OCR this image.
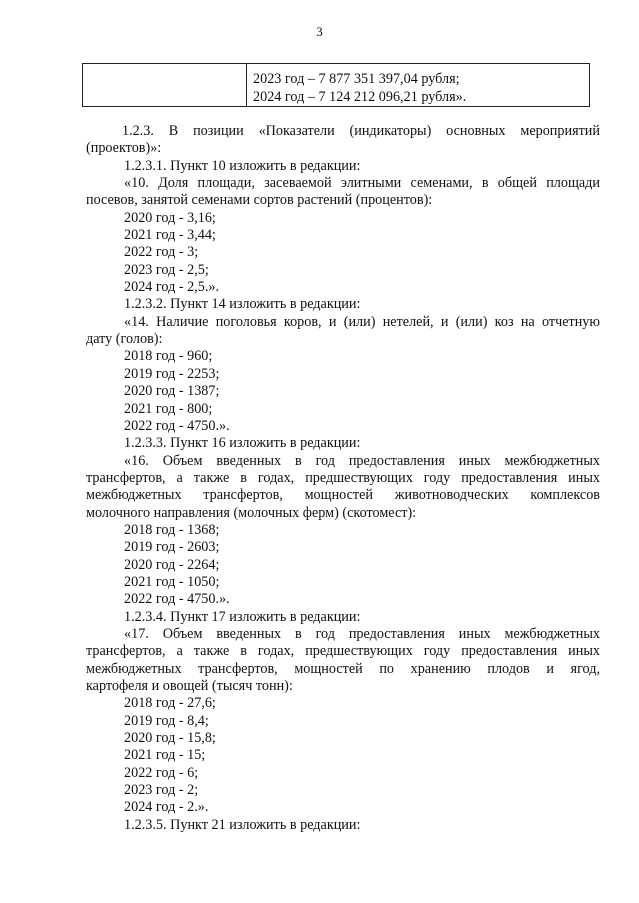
3
2023 год – 7 877 351 397,04 рубля;
2024 год – 7 124 212 096,21 рубля».
1.2.3. В позиции «Показатели (индикаторы) основных мероприятий
(проектов)»:
1.2.3.1. Пункт 10 изложить в редакции:
«10. Доля площади, засеваемой элитными семенами, в общей площади
посевов, занятой семенами сортов растений (процентов):
2020 год - 3,16;
2021 год - 3,44;
2022 год - 3;
2023 год - 2,5;
2024 год - 2,5.».
1.2.3.2. Пункт 14 изложить в редакции:
«14. Наличие поголовья коров, и (или) нетелей, и (или) коз на отчетную
дату (голов):
2018 год - 960;
2019 год - 2253;
2020 год - 1387;
2021 год - 800;
2022 год - 4750.».
1.2.3.3. Пункт 16 изложить в редакции:
«16. Объем введенных в год предоставления иных межбюджетных
трансфертов, а также в годах, предшествующих году предоставления иных
межбюджетных трансфертов, мощностей животноводческих комплексов
молочного направления (молочных ферм) (скотомест):
2018 год - 1368;
2019 год - 2603;
2020 год - 2264;
2021 год - 1050;
2022 год - 4750.».
1.2.3.4. Пункт 17 изложить в редакции:
«17. Объем введенных в год предоставления иных межбюджетных
трансфертов, а также в годах, предшествующих году предоставления иных
межбюджетных трансфертов, мощностей по хранению плодов и ягод,
картофеля и овощей (тысяч тонн):
2018 год - 27,6;
2019 год - 8,4;
2020 год - 15,8;
2021 год - 15;
2022 год - 6;
2023 год - 2;
2024 год - 2.».
1.2.3.5. Пункт 21 изложить в редакции:
